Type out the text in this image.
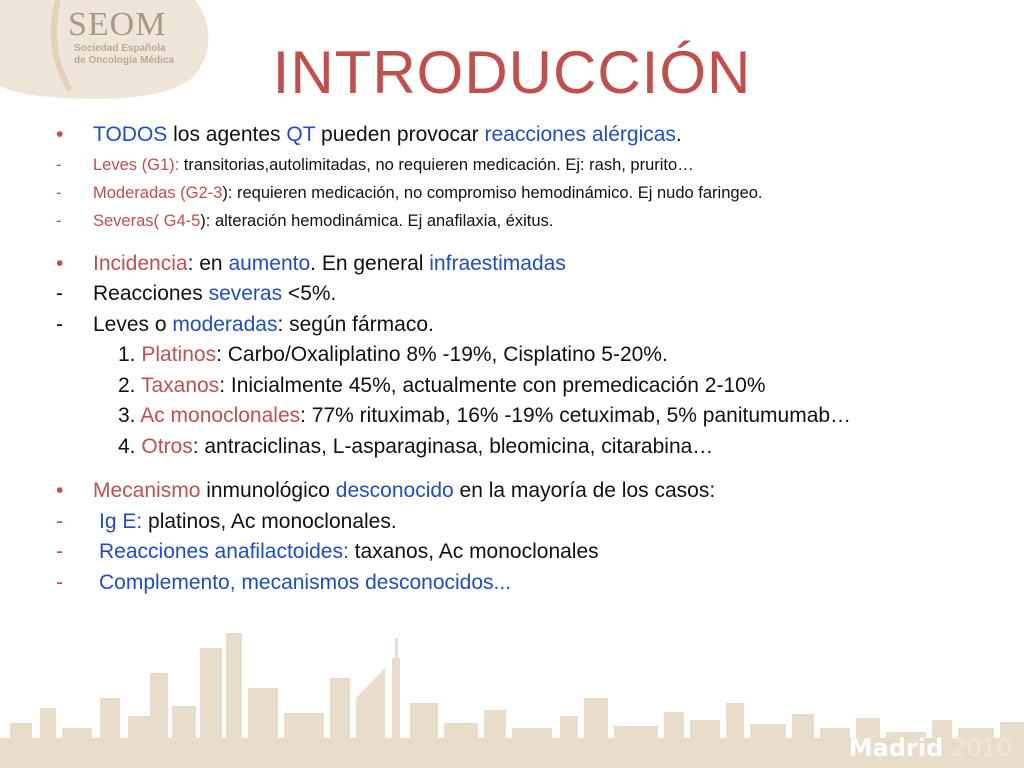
SEOM
Sociedad Española
de Oncología Médica	INTRODUCCIÓN
• TODOS los agentes QT pueden provocar reacciones alérgicas.
- Leves (G1): transitorias,autolimitadas, no requieren medicación. Ej: rash, prurito…
- Moderadas (G2-3): requieren medicación, no compromiso hemodinámico. Ej nudo faringeo.
- Severas( G4-5): alteración hemodinámica. Ej anafilaxia, éxitus.
• Incidencia: en aumento. En general infraestimadas
- Reacciones severas <5%.
- Leves o moderadas: según fármaco.
1. Platinos: Carbo/Oxaliplatino 8% -19%, Cisplatino 5-20%.
2. Taxanos: Inicialmente 45%, actualmente con premedicación 2-10%
3. Ac monoclonales: 77% rituximab, 16% -19% cetuximab, 5% panitumumab…
4. Otros: antraciclinas, L-asparaginasa, bleomicina, citarabina…
• Mecanismo inmunológico desconocido en la mayoría de los casos:
- Ig E: platinos, Ac monoclonales.
- Reacciones anafilactoides: taxanos, Ac monoclonales
- Complemento, mecanismos desconocidos...
Madrid 2010
